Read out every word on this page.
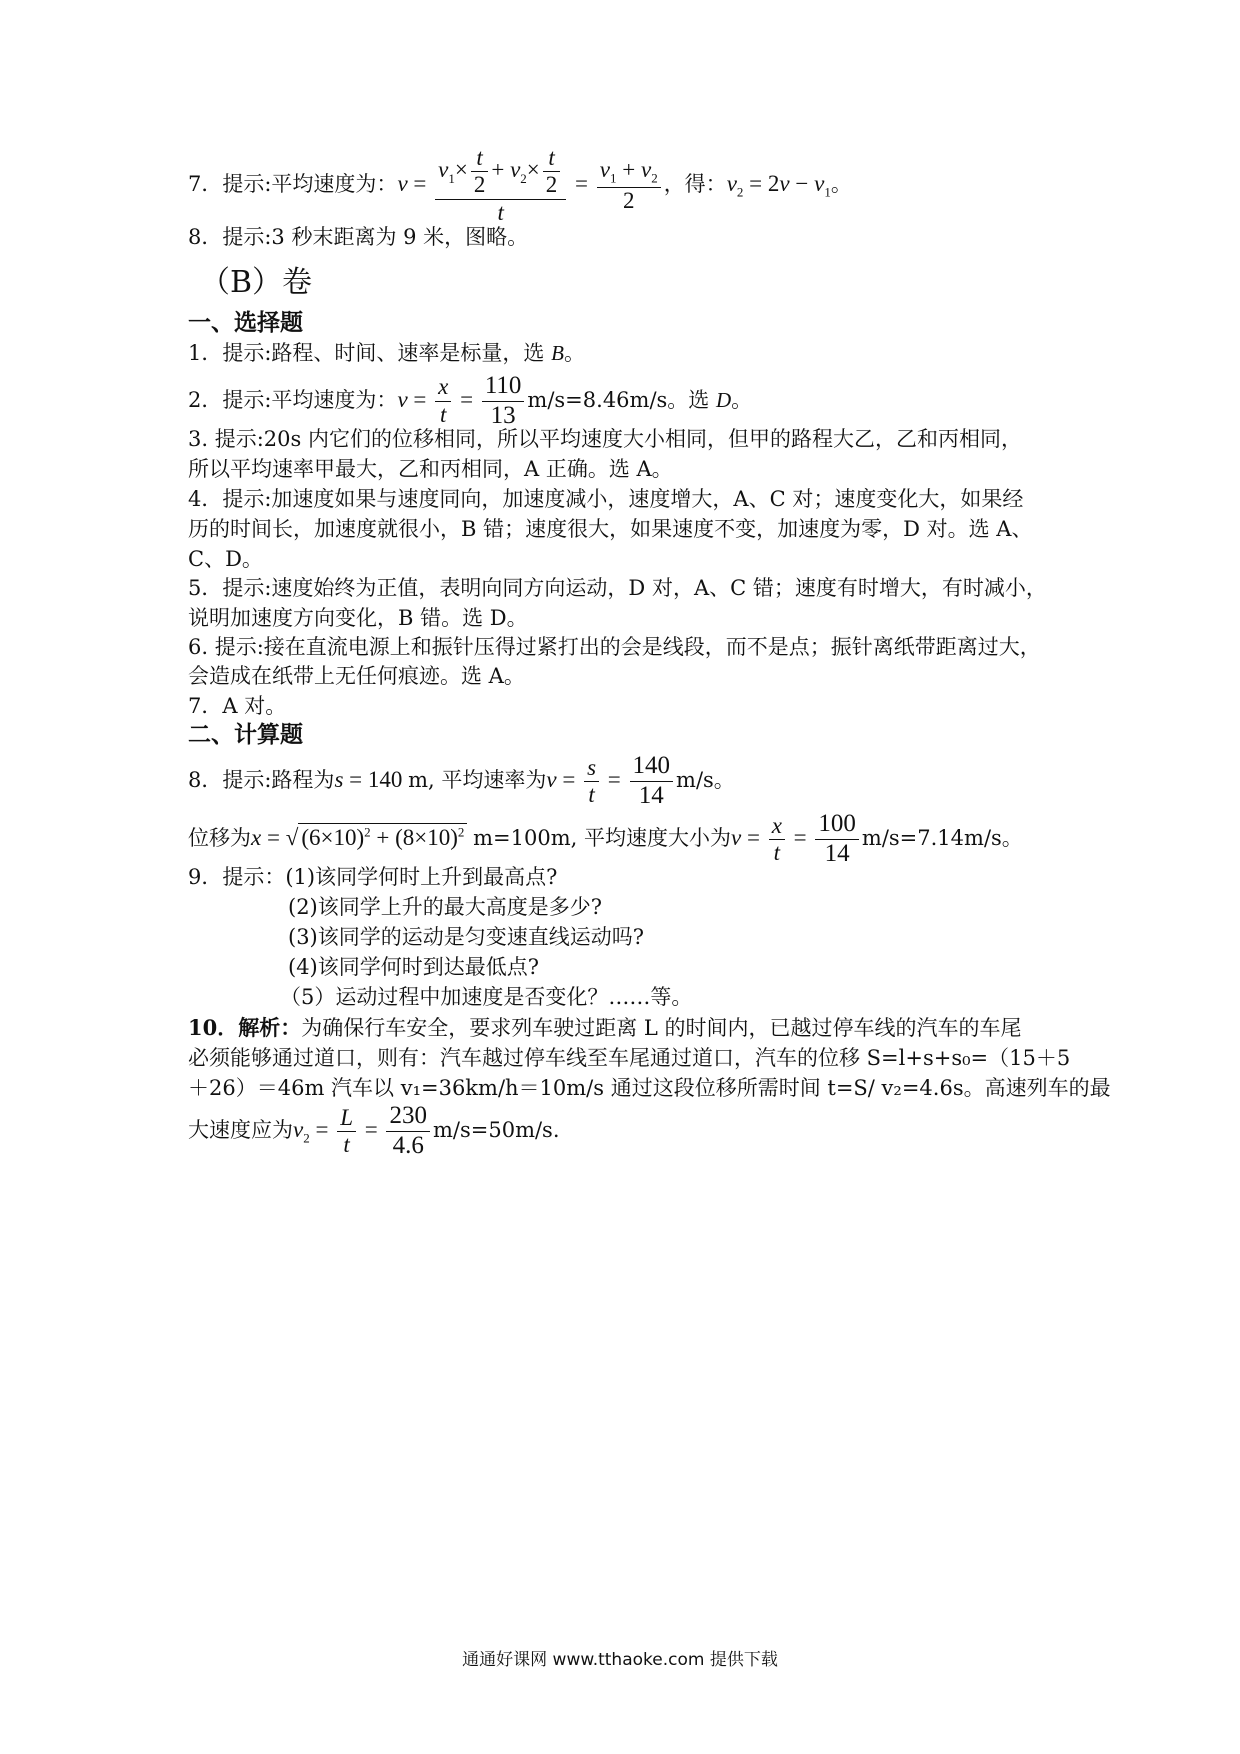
7．提示:平均速度为：$v = \frac{v_1\times \frac{t}{2} + v_2\times \frac{t}{2}}{t} = \frac{v_1 + v_2}{2}$ ，得：$v_2 = 2v - v_1$。
8．提示:3 秒末距离为 9 米，图略。
（B）卷
一、选择题
1．提示:路程、时间、速率是标量，选 B。
2．提示:平均速度为：$v = \frac{x}{t} = \frac{110}{13} m/s=8.46m/s$。选 D。
3. 提示:20s 内它们的位移相同，所以平均速度大小相同，但甲的路程大乙，乙和丙相同，
所以平均速率甲最大，乙和丙相同，A 正确。选 A。
4．提示:加速度如果与速度同向，加速度减小，速度增大，A、C 对；速度变化大，如果经
历的时间长，加速度就很小，B 错；速度很大，如果速度不变，加速度为零，D 对。选 A、
C、D。
5．提示:速度始终为正值，表明向同方向运动，D 对，A、C 错；速度有时增大，有时减小，
说明加速度方向变化，B 错。选 D。
6. 提示:接在直流电源上和振针压得过紧打出的会是线段，而不是点；振针离纸带距离过大，
会造成在纸带上无任何痕迹。选 A。
7．A 对。
二、计算题
8．提示:路程为s = 140 m, 平均速率为$v = \frac{s}{t} = \frac{140}{14} m/s$。
位移为x = √ $(6\times 10)^2 + (8\times 10)^2$ m=100m, 平均速度大小为$v = \frac{x}{t} = \frac{100}{14} m/s=7.14m/s$。
9．提示：(1)该同学何时上升到最高点?
(2)该同学上升的最大高度是多少?
(3)该同学的运动是匀变速直线运动吗?
(4)该同学何时到达最低点?
（5）运动过程中加速度是否变化？……等。
10．解析：为确保行车安全，要求列车驶过距离 L 的时间内，已越过停车线的汽车的车尾
必须能够通过道口，则有：汽车越过停车线至车尾通过道口，汽车的位移 S=l+s+s₀=（15＋5
＋26）＝46m 汽车以 v₁=36km/h＝10m/s 通过这段位移所需时间 t=S/ v₂=4.6s。高速列车的最
大速度应为$v_2 = \frac{L}{t} = \frac{230}{4.6} m/s=50m/s$.
通通好课网 www.tthaoke.com 提供下载
